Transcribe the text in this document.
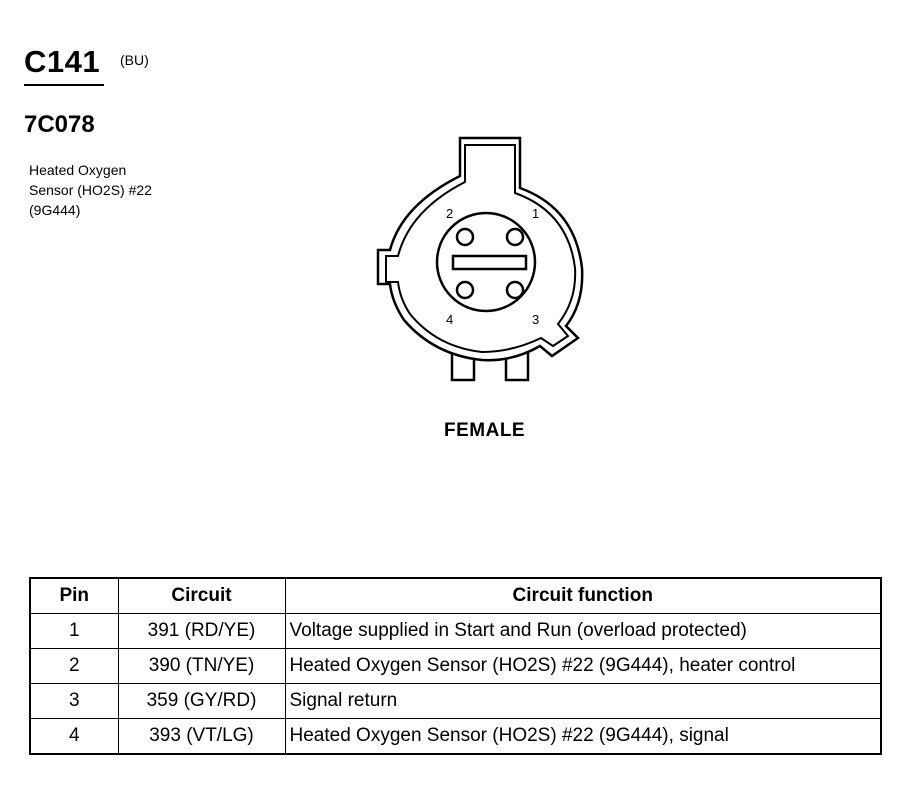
C141 (BU)
7C078
Heated Oxygen
Sensor (HO2S) #22
(9G444)	1
2
3
4
FEMALE
Pin	Circuit	Circuit function
1	391 (RD/YE)	Voltage supplied in Start and Run (overload protected)
2	390 (TN/YE)	Heated Oxygen Sensor (HO2S) #22 (9G444), heater control
3	359 (GY/RD)	Signal return
4	393 (VT/LG)	Heated Oxygen Sensor (HO2S) #22 (9G444), signal
